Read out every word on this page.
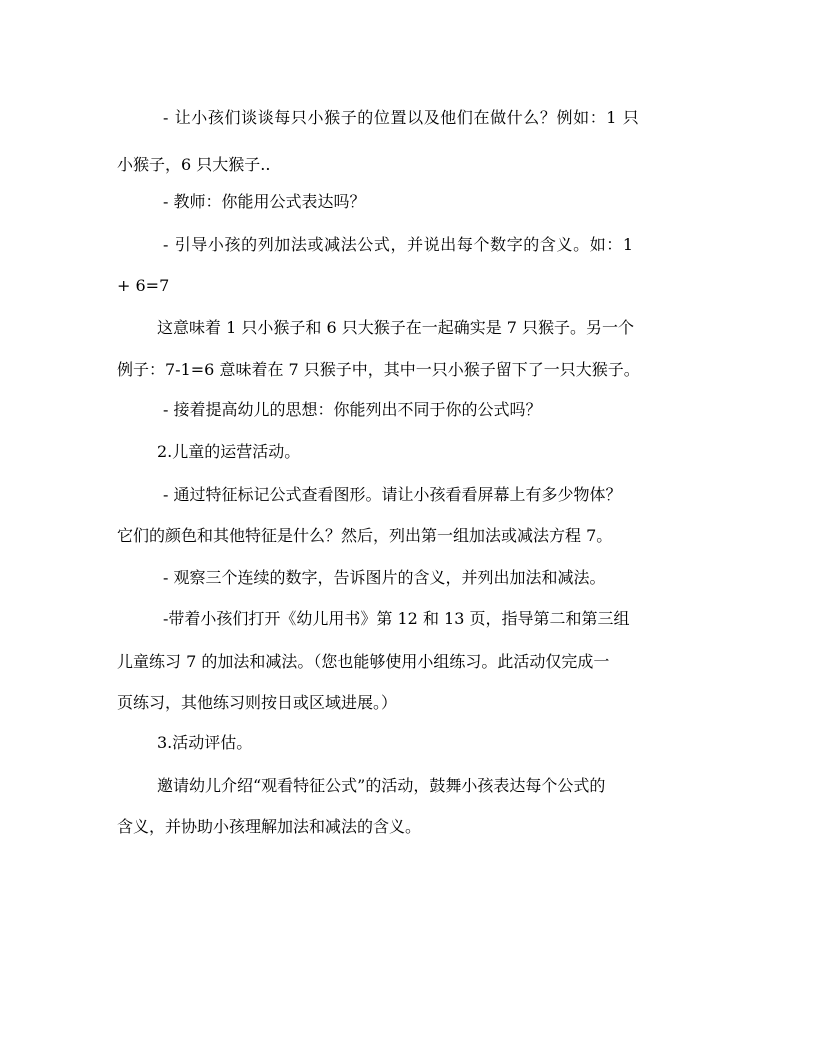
- 让小孩们谈谈每只小猴子的位置以及他们在做什么？例如：1 只
小猴子，6 只大猴子..
- 教师：你能用公式表达吗？
- 引导小孩的列加法或减法公式，并说出每个数字的含义。如：1
+ 6=7
这意味着 1 只小猴子和 6 只大猴子在一起确实是 7 只猴子。另一个
例子：7-1=6 意味着在 7 只猴子中，其中一只小猴子留下了一只大猴子。
- 接着提高幼儿的思想：你能列出不同于你的公式吗？
2.儿童的运营活动。
- 通过特征标记公式查看图形。请让小孩看看屏幕上有多少物体？
它们的颜色和其他特征是什么？然后，列出第一组加法或减法方程 7。
- 观察三个连续的数字，告诉图片的含义，并列出加法和减法。
-带着小孩们打开《幼儿用书》第 12 和 13 页，指导第二和第三组
儿童练习 7 的加法和减法。（您也能够使用小组练习。此活动仅完成一
页练习，其他练习则按日或区域进展。）
3.活动评估。
邀请幼儿介绍“观看特征公式”的活动，鼓舞小孩表达每个公式的
含义，并协助小孩理解加法和减法的含义。
